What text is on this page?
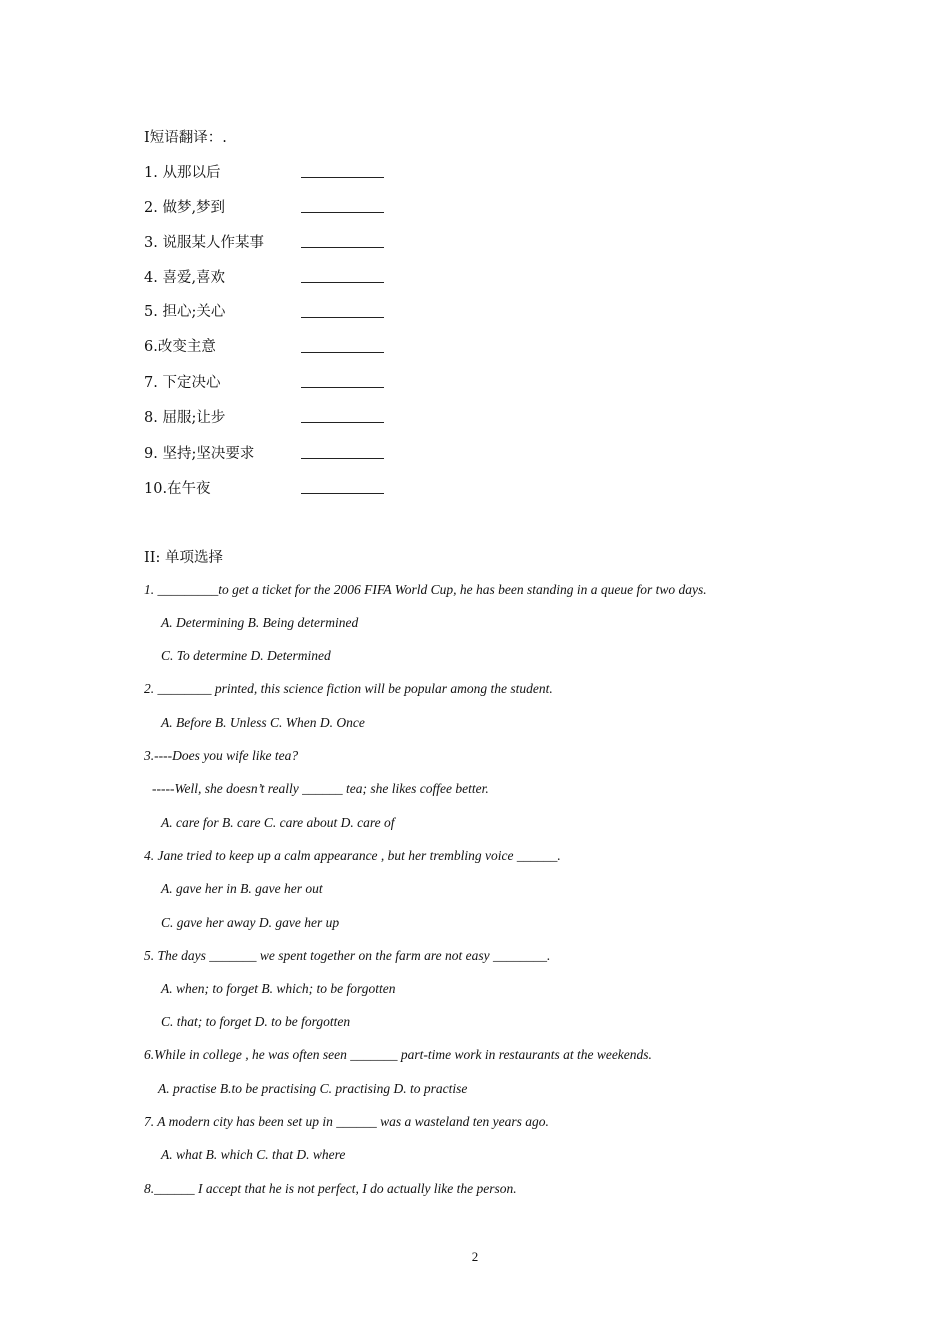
I短语翻译：.
1. 从那以后
2. 做梦,梦到
3. 说服某人作某事
4. 喜爱,喜欢
5. 担心;关心
6.改变主意
7. 下定决心
8. 屈服;让步
9. 坚持;坚决要求
10.在午夜
II: 单项选择
1. _________to get a ticket for the 2006 FIFA World Cup, he has been standing in a queue for two days.
A. Determining B. Being determined
C. To determine D. Determined
2. ________ printed, this science fiction will be popular among the student.
A. Before B. Unless C. When D. Once
3.----Does you wife like tea?
-----Well, she doesn’t really ______ tea; she likes coffee better.
A. care for B. care C. care about D. care of
4. Jane tried to keep up a calm appearance , but her trembling voice ______.
A. gave her in B. gave her out
C. gave her away D. gave her up
5. The days _______ we spent together on the farm are not easy ________.
A. when; to forget B. which; to be forgotten
C. that; to forget D. to be forgotten
6.While in college , he was often seen _______ part-time work in restaurants at the weekends.
A. practise B.to be practising C. practising D. to practise
7. A modern city has been set up in ______ was a wasteland ten years ago.
A. what B. which C. that D. where
8.______ I accept that he is not perfect, I do actually like the person.
2
